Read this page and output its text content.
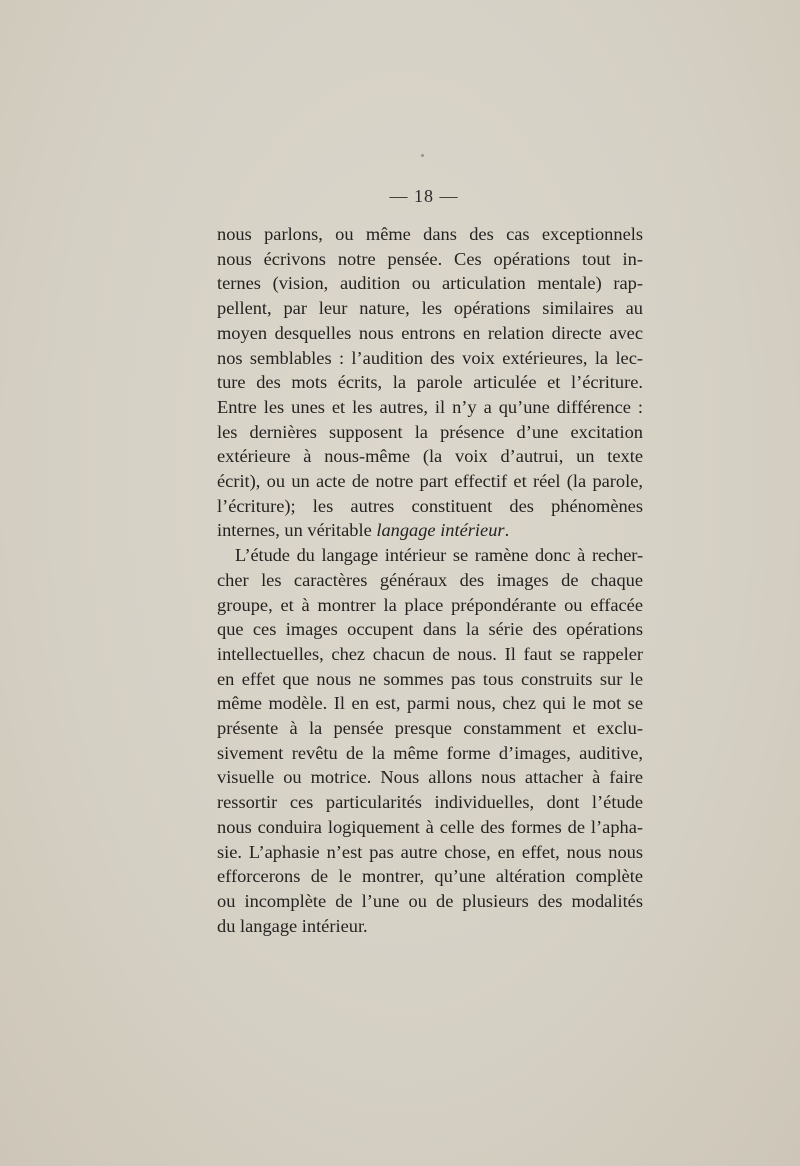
— 18 —
nous parlons, ou même dans des cas exceptionnels
nous écrivons notre pensée. Ces opérations tout in-
ternes (vision, audition ou articulation mentale) rap-
pellent, par leur nature, les opérations similaires au
moyen desquelles nous entrons en relation directe avec
nos semblables : l’audition des voix extérieures, la lec-
ture des mots écrits, la parole articulée et l’écriture.
Entre les unes et les autres, il n’y a qu’une différence :
les dernières supposent la présence d’une excitation
extérieure à nous-même (la voix d’autrui, un texte
écrit), ou un acte de notre part effectif et réel (la parole,
l’écriture); les autres constituent des phénomènes
internes, un véritable langage intérieur.
L’étude du langage intérieur se ramène donc à recher-
cher les caractères généraux des images de chaque
groupe, et à montrer la place prépondérante ou effacée
que ces images occupent dans la série des opérations
intellectuelles, chez chacun de nous. Il faut se rappeler
en effet que nous ne sommes pas tous construits sur le
même modèle. Il en est, parmi nous, chez qui le mot se
présente à la pensée presque constamment et exclu-
sivement revêtu de la même forme d’images, auditive,
visuelle ou motrice. Nous allons nous attacher à faire
ressortir ces particularités individuelles, dont l’étude
nous conduira logiquement à celle des formes de l’apha-
sie. L’aphasie n’est pas autre chose, en effet, nous nous
efforcerons de le montrer, qu’une altération complète
ou incomplète de l’une ou de plusieurs des modalités
du langage intérieur.
